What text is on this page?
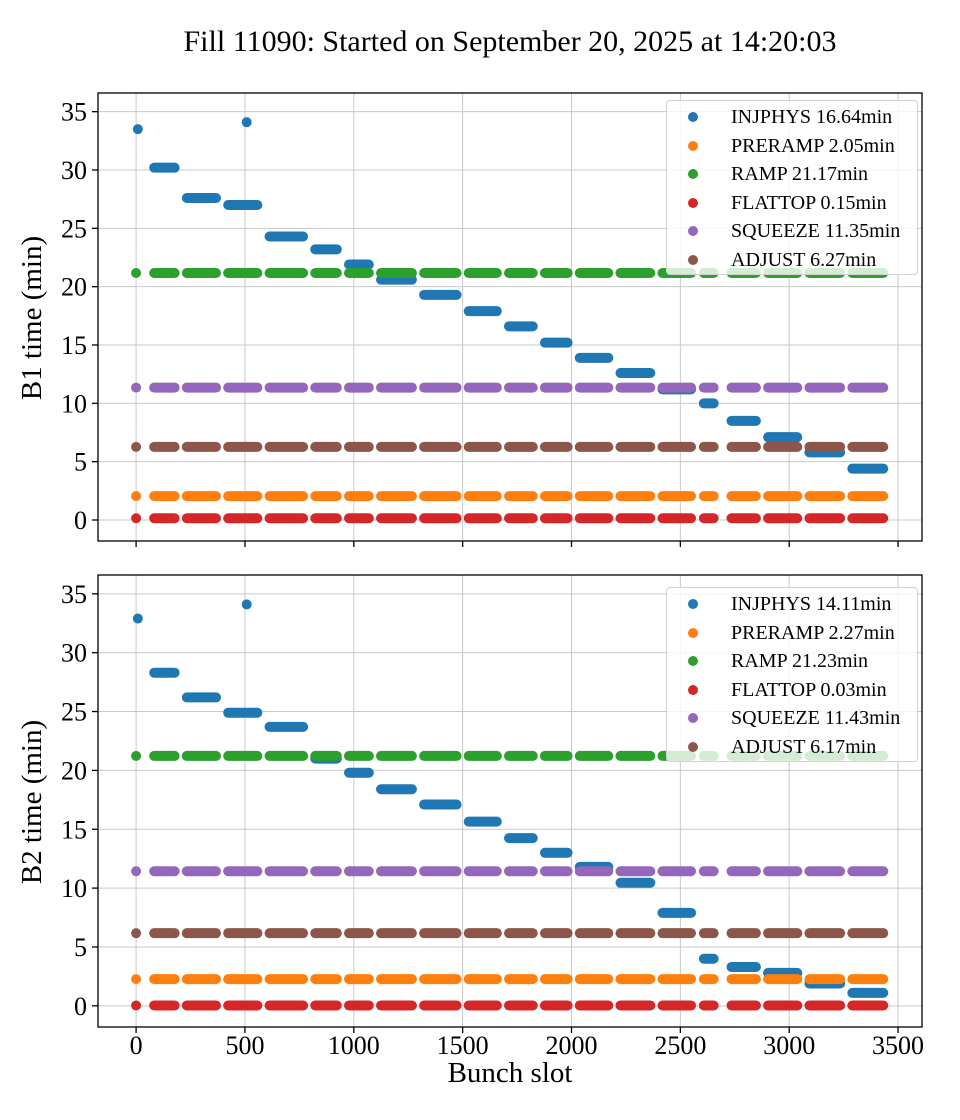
Fill 11090: Started on September 20, 2025 at 14:20:03
B1 time (min)
B2 time (min)
Bunch slot
0
5
10
15
20
25
30
35
0	500 1000 1500 2000 2500 3000 3500
0
5
10
15
20
25
30
35
INJPHYS 16.64min
PRERAMP 2.05min
RAMP 21.17min
FLATTOP 0.15min
SQUEEZE 11.35min
ADJUST 6.27min
INJPHYS 14.11min
PRERAMP 2.27min
RAMP 21.23min
FLATTOP 0.03min
SQUEEZE 11.43min
ADJUST 6.17min
